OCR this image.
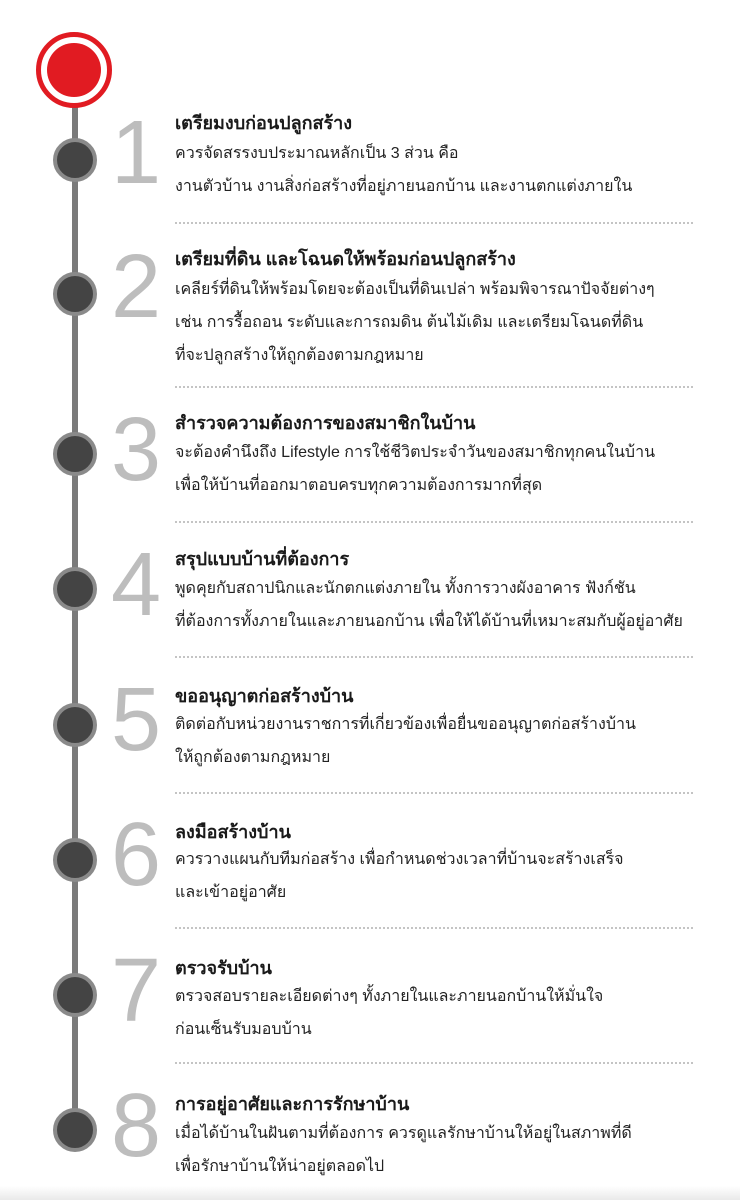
1 เตรียมงบก่อนปลูกสร้าง
ควรจัดสรรงบประมาณหลักเป็น 3 ส่วน คือ
งานตัวบ้าน งานสิ่งก่อสร้างที่อยู่ภายนอกบ้าน และงานตกแต่งภายใน
2 เตรียมที่ดิน และโฉนดให้พร้อมก่อนปลูกสร้าง
เคลียร์ที่ดินให้พร้อมโดยจะต้องเป็นที่ดินเปล่า พร้อมพิจารณาปัจจัยต่างๆ
เช่น การรื้อถอน ระดับและการถมดิน ต้นไม้เดิม และเตรียมโฉนดที่ดิน
ที่จะปลูกสร้างให้ถูกต้องตามกฎหมาย
3 สำรวจความต้องการของสมาชิกในบ้าน
จะต้องคำนึงถึง Lifestyle การใช้ชีวิตประจำวันของสมาชิกทุกคนในบ้าน
เพื่อให้บ้านที่ออกมาตอบครบทุกความต้องการมากที่สุด
4 สรุปแบบบ้านที่ต้องการ
พูดคุยกับสถาปนิกและนักตกแต่งภายใน ทั้งการวางผังอาคาร ฟังก์ชัน
ที่ต้องการทั้งภายในและภายนอกบ้าน เพื่อให้ได้บ้านที่เหมาะสมกับผู้อยู่อาศัย
5 ขออนุญาตก่อสร้างบ้าน
ติดต่อกับหน่วยงานราชการที่เกี่ยวข้องเพื่อยื่นขออนุญาตก่อสร้างบ้าน
ให้ถูกต้องตามกฎหมาย
6 ลงมือสร้างบ้าน
ควรวางแผนกับทีมก่อสร้าง เพื่อกำหนดช่วงเวลาที่บ้านจะสร้างเสร็จ
และเข้าอยู่อาศัย
7 ตรวจรับบ้าน
ตรวจสอบรายละเอียดต่างๆ ทั้งภายในและภายนอกบ้านให้มั่นใจ
ก่อนเซ็นรับมอบบ้าน
8 การอยู่อาศัยและการรักษาบ้าน
เมื่อได้บ้านในฝันตามที่ต้องการ ควรดูแลรักษาบ้านให้อยู่ในสภาพที่ดี
เพื่อรักษาบ้านให้น่าอยู่ตลอดไป
